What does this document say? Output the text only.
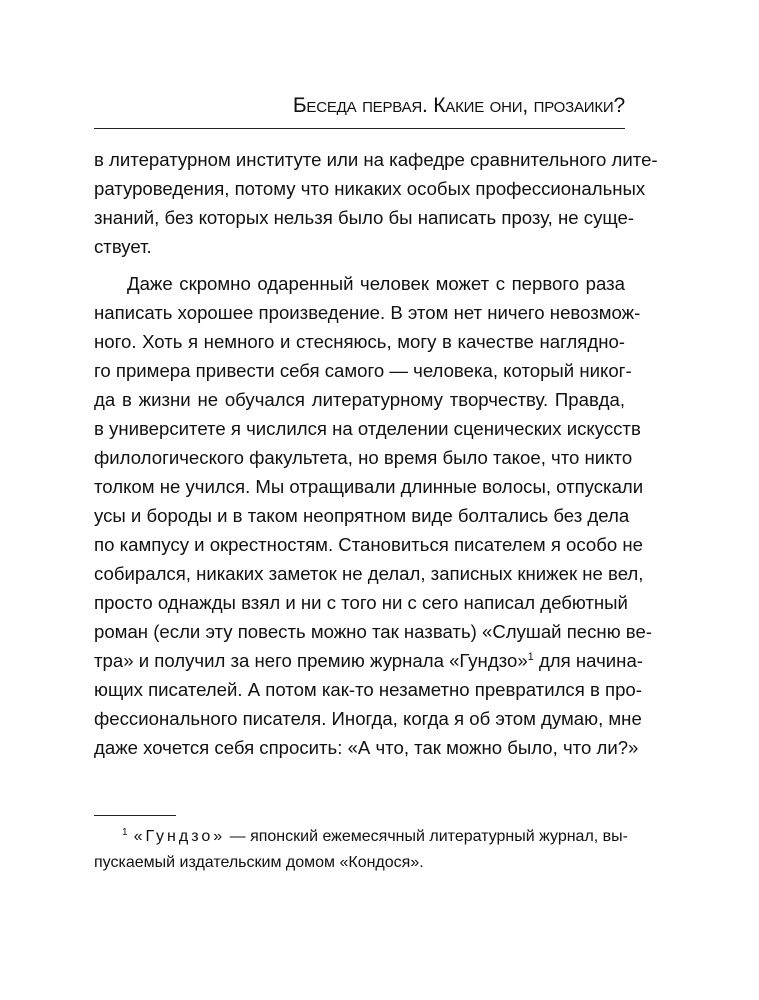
Беседа первая. Какие они, прозаики?
в литературном институте или на кафедре сравнительного лите-
ратуроведения, потому что никаких особых профессиональных
знаний, без которых нельзя было бы написать прозу, не суще-
ствует.
Даже скромно одаренный человек может с первого раза
написать хорошее произведение. В этом нет ничего невозмож-
ного. Хоть я немного и стесняюсь, могу в качестве наглядно-
го примера привести себя самого — человека, который никог-
да в жизни не обучался литературному творчеству. Правда,
в университете я числился на отделении сценических искусств
филологического факультета, но время было такое, что никто
толком не учился. Мы отращивали длинные волосы, отпускали
усы и бороды и в таком неопрятном виде болтались без дела
по кампусу и окрестностям. Становиться писателем я особо не
собирался, никаких заметок не делал, записных книжек не вел,
просто однажды взял и ни с того ни с сего написал дебютный
роман (если эту повесть можно так назвать) «Слушай песню ве-
тра» и получил за него премию журнала «Гундзо»$^1$ для начина-
ющих писателей. А потом как-то незаметно превратился в про-
фессионального писателя. Иногда, когда я об этом думаю, мне
даже хочется себя спросить: «А что, так можно было, что ли?»
$^1$ «Гундзо» — японский ежемесячный литературный журнал, вы-
пускаемый издательским домом «Кондося».
